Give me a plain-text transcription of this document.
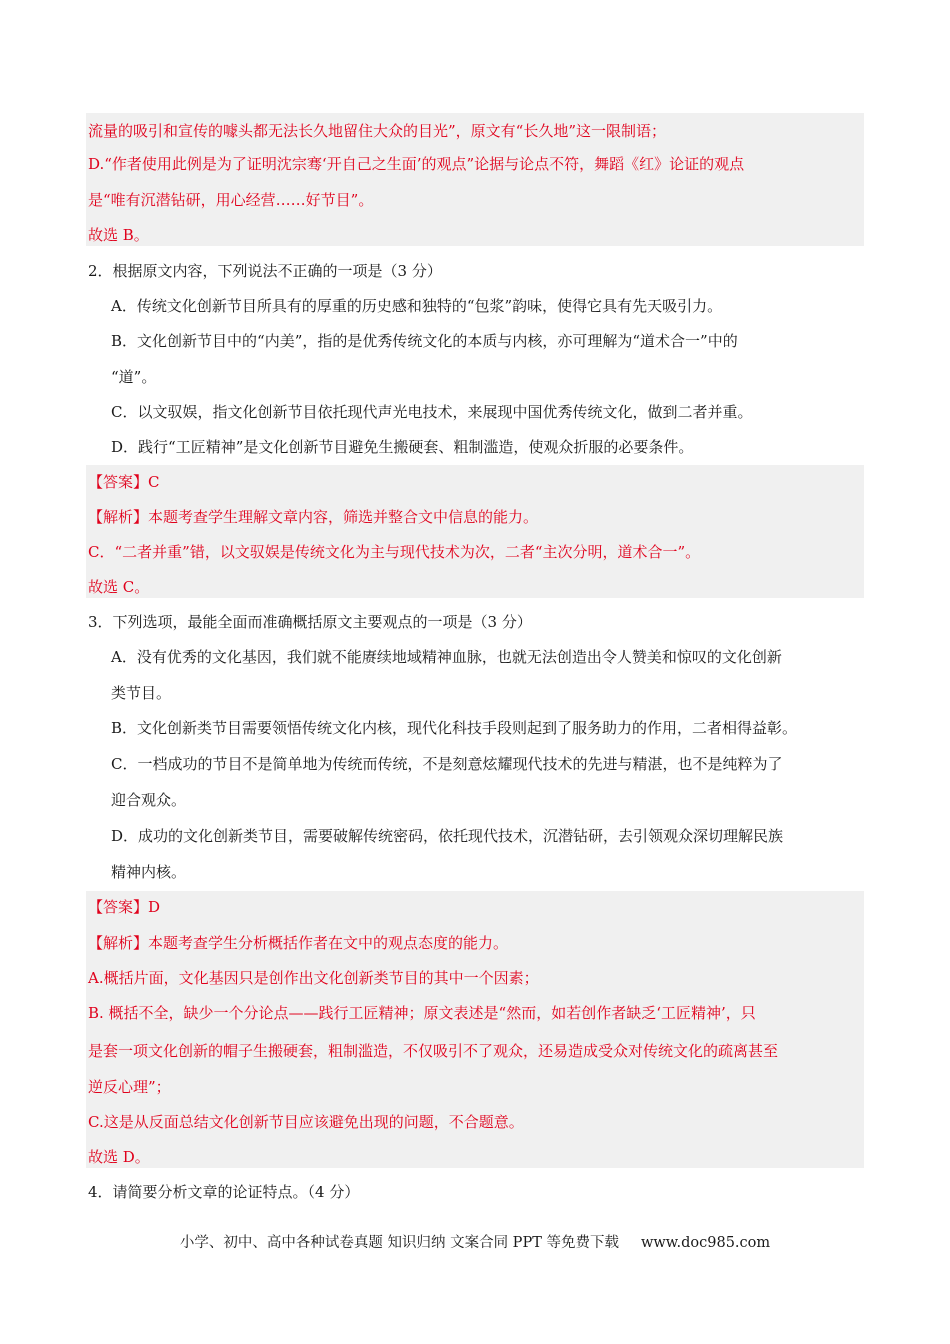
流量的吸引和宣传的噱头都无法长久地留住大众的目光”，原文有“长久地”这一限制语；
D.“作者使用此例是为了证明沈宗骞‘开自己之生面’的观点”论据与论点不符，舞蹈《红》论证的观点
是“唯有沉潜钻研，用心经营……好节目”。
故选 B。
2．根据原文内容，下列说法不正确的一项是（3 分）
A．传统文化创新节目所具有的厚重的历史感和独特的“包浆”韵味，使得它具有先天吸引力。
B．文化创新节目中的“内美”，指的是优秀传统文化的本质与内核，亦可理解为“道术合一”中的
“道”。
C．以文驭娱，指文化创新节目依托现代声光电技术，来展现中国优秀传统文化，做到二者并重。
D．践行“工匠精神”是文化创新节目避免生搬硬套、粗制滥造，使观众折服的必要条件。
【答案】C
【解析】本题考查学生理解文章内容，筛选并整合文中信息的能力。
C．“二者并重”错，以文驭娱是传统文化为主与现代技术为次，二者“主次分明，道术合一”。
故选 C。
3．下列选项，最能全面而准确概括原文主要观点的一项是（3 分）
A．没有优秀的文化基因，我们就不能赓续地域精神血脉，也就无法创造出令人赞美和惊叹的文化创新
类节目。
B．文化创新类节目需要领悟传统文化内核，现代化科技手段则起到了服务助力的作用，二者相得益彰。
C．一档成功的节目不是简单地为传统而传统，不是刻意炫耀现代技术的先进与精湛，也不是纯粹为了
迎合观众。
D．成功的文化创新类节目，需要破解传统密码，依托现代技术，沉潜钻研，去引领观众深切理解民族
精神内核。
【答案】D
【解析】本题考查学生分析概括作者在文中的观点态度的能力。
A.概括片面，文化基因只是创作出文化创新类节目的其中一个因素；
B. 概括不全，缺少一个分论点——践行工匠精神；原文表述是“然而，如若创作者缺乏‘工匠精神’，只
是套一项文化创新的帽子生搬硬套，粗制滥造，不仅吸引不了观众，还易造成受众对传统文化的疏离甚至
逆反心理”；
C.这是从反面总结文化创新节目应该避免出现的问题，不合题意。
故选 D。
4．请简要分析文章的论证特点。（4 分）
小学、初中、高中各种试卷真题 知识归纳 文案合同 PPT 等免费下载 www.doc985.com
